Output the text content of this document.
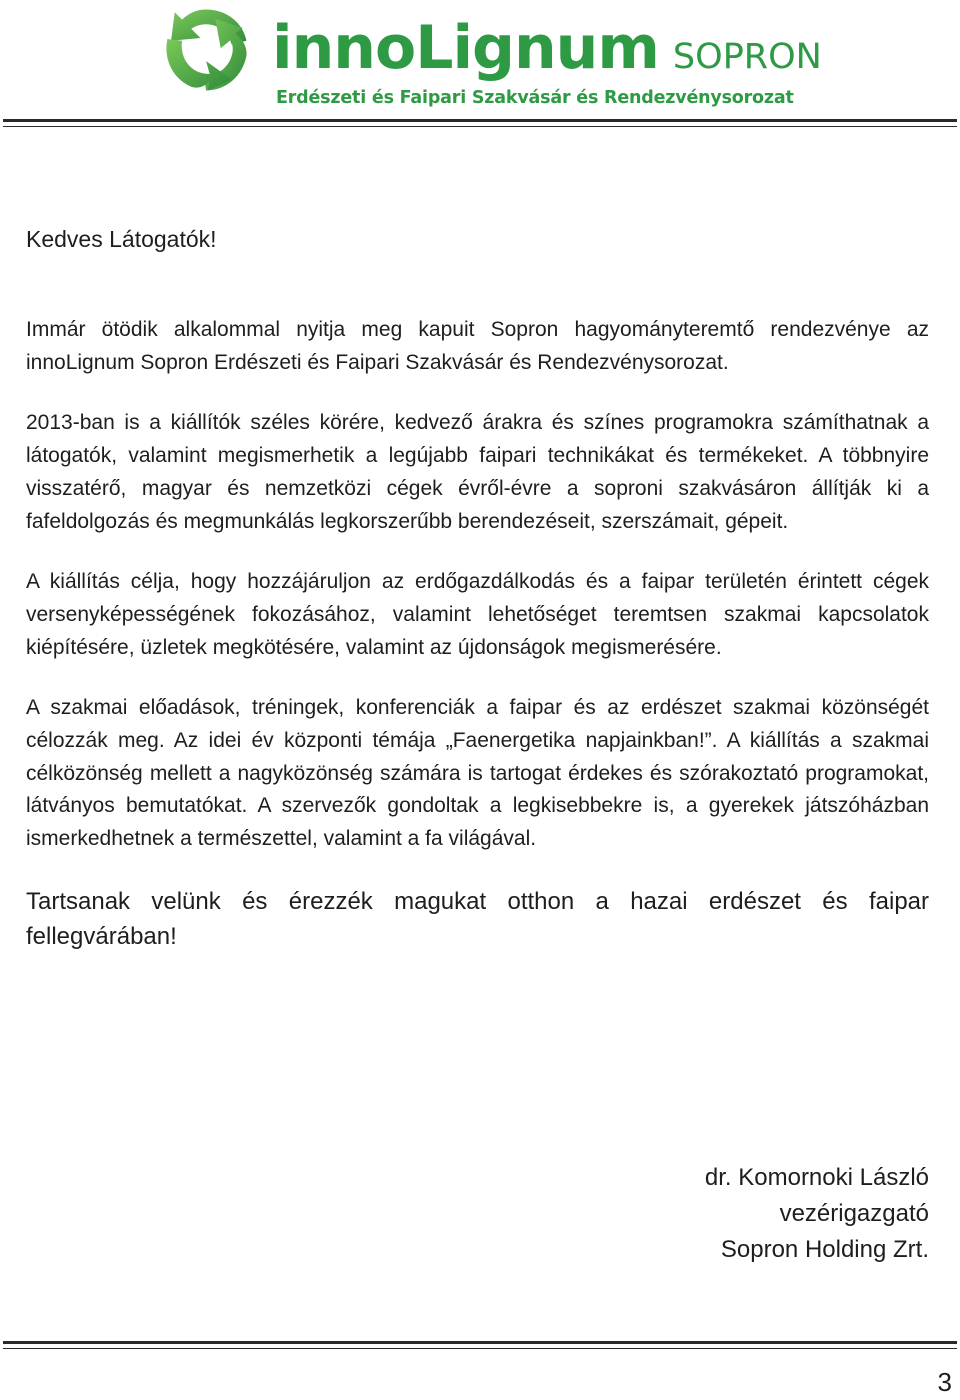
innoLignum SOPRON
Erdészeti és Faipari Szakvásár és Rendezvénysorozat

Kedves Látogatók!

Immár ötödik alkalommal nyitja meg kapuit Sopron hagyományteremtő rendezvénye az innoLignum Sopron Erdészeti és Faipari Szakvásár és Rendezvénysorozat.

2013-ban is a kiállítók széles körére, kedvező árakra és színes programokra számíthatnak a látogatók, valamint megismerhetik a legújabb faipari technikákat és termékeket. A többnyire visszatérő, magyar és nemzetközi cégek évről-évre a soproni szakvásáron állítják ki a fafeldolgozás és megmunkálás legkorszerűbb berendezéseit, szerszámait, gépeit.

A kiállítás célja, hogy hozzájáruljon az erdőgazdálkodás és a faipar területén érintett cégek versenyképességének fokozásához, valamint lehetőséget teremtsen szakmai kapcsolatok kiépítésére, üzletek megkötésére, valamint az újdonságok megismerésére.

A szakmai előadások, tréningek, konferenciák a faipar és az erdészet szakmai közönségét célozzák meg. Az idei év központi témája „Faenergetika napjainkban!”. A kiállítás a szakmai célközönség mellett a nagyközönség számára is tartogat érdekes és szórakoztató programokat, látványos bemutatókat. A szervezők gondoltak a legkisebbekre is, a gyerekek játszóházban ismerkedhetnek a természettel, valamint a fa világával.

Tartsanak velünk és érezzék magukat otthon a hazai erdészet és faipar fellegvárában!

dr. Komornoki László
vezérigazgató
Sopron Holding Zrt.
3
